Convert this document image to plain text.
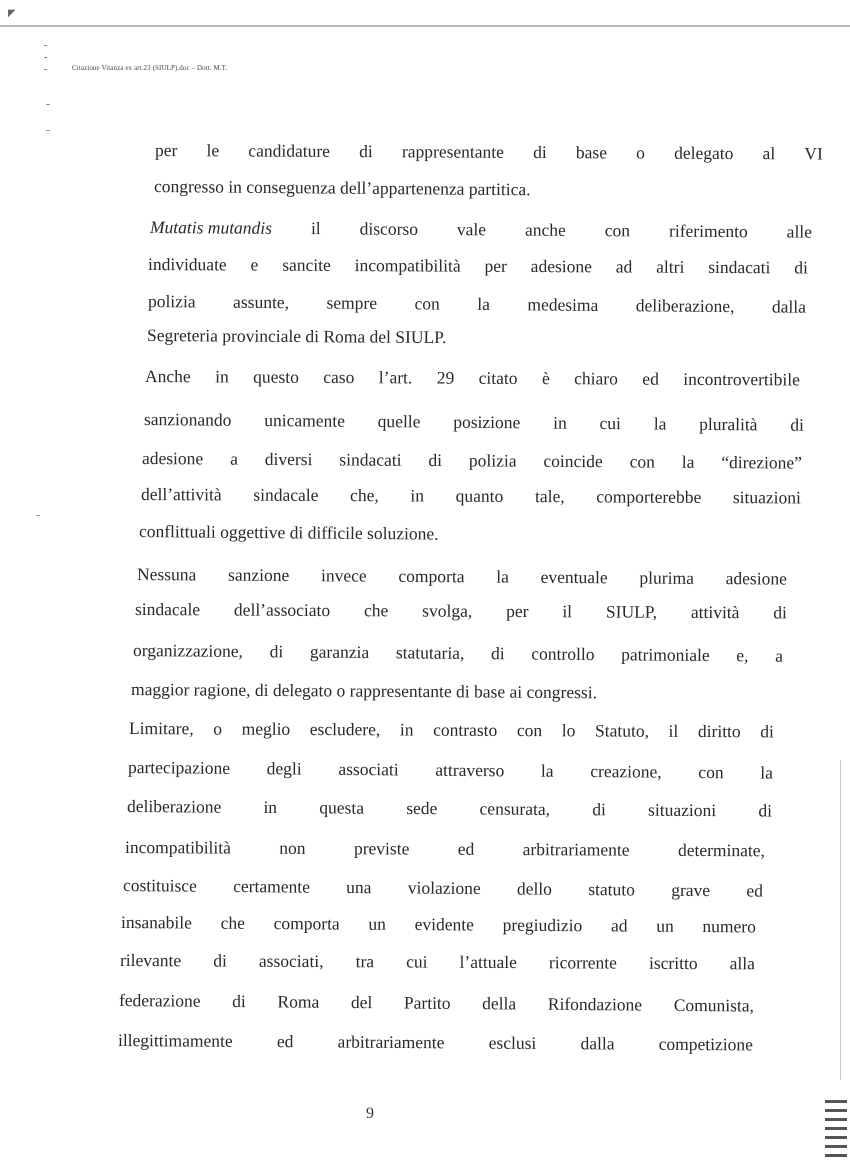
◤
Citazione Vitanza ex art.23 (SIULP).doc – Dott. M.T.
per le candidature di rappresentante di base o delegato al VI
congresso in conseguenza dell’appartenenza partitica.
Mutatis mutandis il discorso vale anche con riferimento alle
individuate e sancite incompatibilità per adesione ad altri sindacati di
polizia assunte, sempre con la medesima deliberazione, dalla
Segreteria provinciale di Roma del SIULP.
Anche in questo caso l’art. 29 citato è chiaro ed incontrovertibile
sanzionando unicamente quelle posizione in cui la pluralità di
adesione a diversi sindacati di polizia coincide con la “direzione”
dell’attività sindacale che, in quanto tale, comporterebbe situazioni
conflittuali oggettive di difficile soluzione.
Nessuna sanzione invece comporta la eventuale plurima adesione
sindacale dell’associato che svolga, per il SIULP, attività di
organizzazione, di garanzia statutaria, di controllo patrimoniale e, a
maggior ragione, di delegato o rappresentante di base ai congressi.
Limitare, o meglio escludere, in contrasto con lo Statuto, il diritto di
partecipazione degli associati attraverso la creazione, con la
deliberazione in questa sede censurata, di situazioni di
incompatibilità	non	previste	ed	arbitrariamente	determinate,
costituisce certamente una violazione dello statuto grave ed
insanabile che comporta un evidente pregiudizio ad un numero
rilevante di associati, tra cui l’attuale ricorrente iscritto alla
federazione di Roma del Partito della Rifondazione Comunista,
illegittimamente	ed	arbitrariamente	esclusi	dalla	competizione
9
